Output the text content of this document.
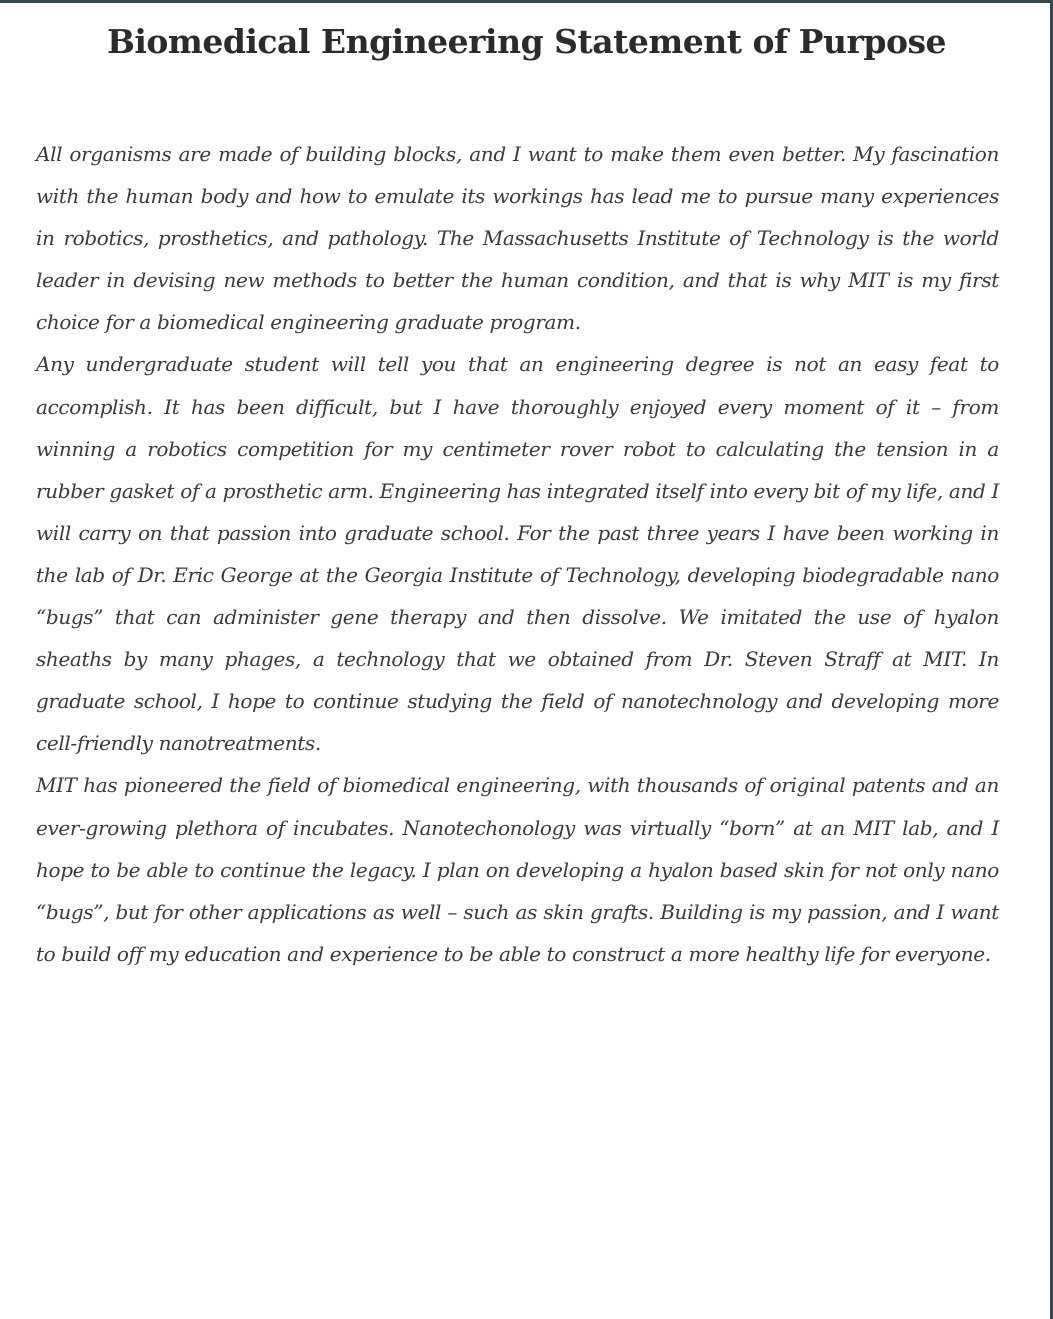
Biomedical Engineering Statement of Purpose

All organisms are made of building blocks, and I want to make them even better. My fascination with the human body and how to emulate its workings has lead me to pursue many experiences in robotics, prosthetics, and pathology. The Massachusetts Institute of Technology is the world leader in devising new methods to better the human condition, and that is why MIT is my first choice for a biomedical engineering graduate program.

Any undergraduate student will tell you that an engineering degree is not an easy feat to accomplish. It has been difficult, but I have thoroughly enjoyed every moment of it – from winning a robotics competition for my centimeter rover robot to calculating the tension in a rubber gasket of a prosthetic arm. Engineering has integrated itself into every bit of my life, and I will carry on that passion into graduate school. For the past three years I have been working in the lab of Dr. Eric George at the Georgia Institute of Technology, developing biodegradable nano “bugs” that can administer gene therapy and then dissolve. We imitated the use of hyalon sheaths by many phages, a technology that we obtained from Dr. Steven Straff at MIT. In graduate school, I hope to continue studying the field of nanotechnology and developing more cell-friendly nanotreatments.

MIT has pioneered the field of biomedical engineering, with thousands of original patents and an ever-growing plethora of incubates. Nanotechonology was virtually “born” at an MIT lab, and I hope to be able to continue the legacy. I plan on developing a hyalon based skin for not only nano “bugs”, but for other applications as well – such as skin grafts. Building is my passion, and I want to build off my education and experience to be able to construct a more healthy life for everyone.
